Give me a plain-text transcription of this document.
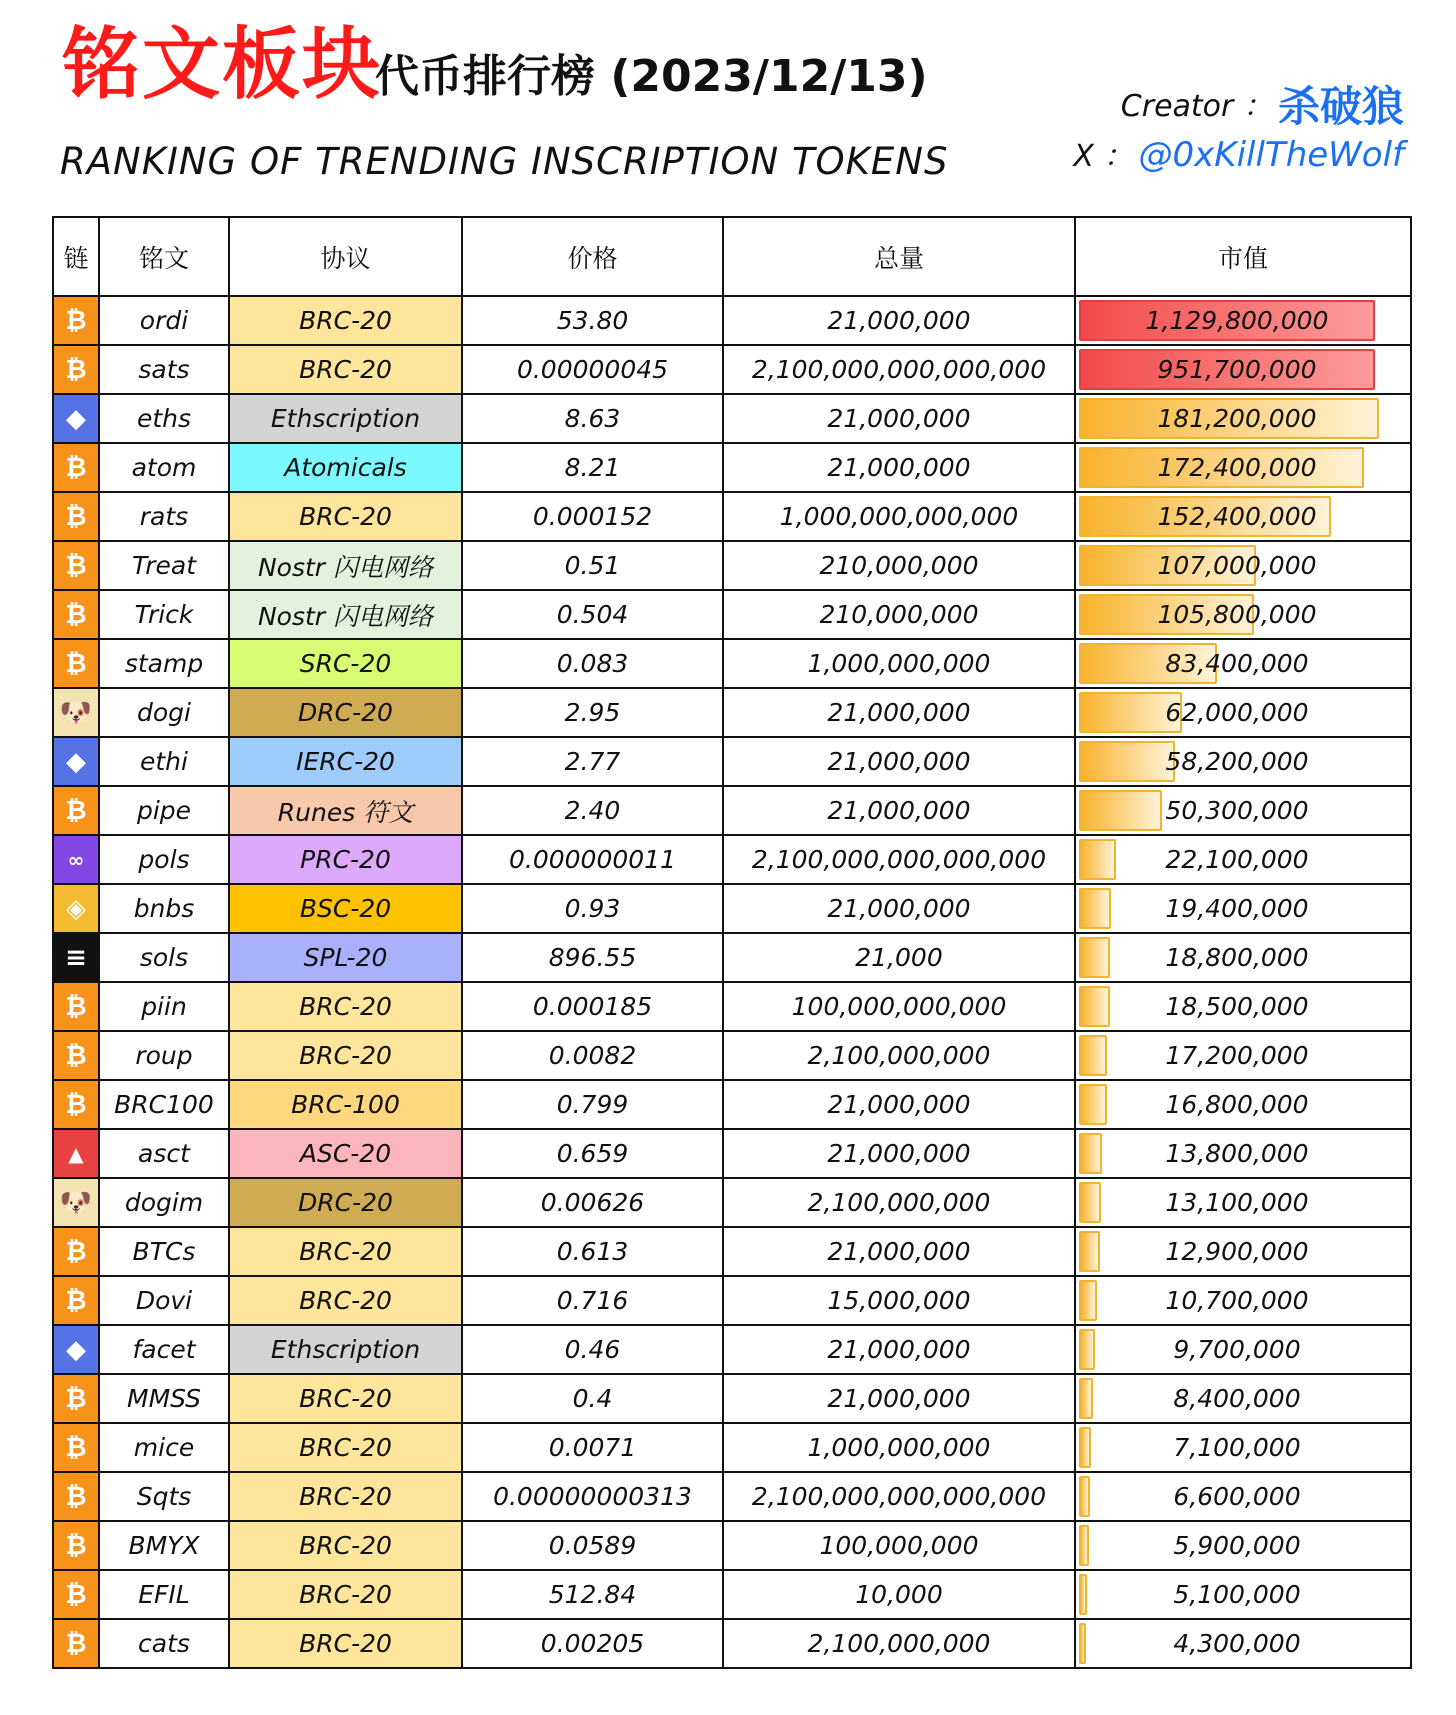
铭文板块
代币排行榜 (2023/12/13)
RANKING OF TRENDING INSCRIPTION TOKENS
Creator ： 杀破狼
X ： @0xKillTheWolf
链	铭文	协议	价格	总量	市值

₿	ordi	BRC-20	53.80	21,000,000	1,129,800,000

₿	sats	BRC-20	0.00000045	2,100,000,000,000,000	951,700,000

◆	eths	Ethscription	8.63	21,000,000	181,200,000

₿	atom	Atomicals	8.21	21,000,000	172,400,000

₿	rats	BRC-20	0.000152	1,000,000,000,000	152,400,000

₿	Treat	Nostr 闪电网络	0.51	210,000,000	107,000,000

₿	Trick	Nostr 闪电网络	0.504	210,000,000	105,800,000

₿	stamp	SRC-20	0.083	1,000,000,000	83,400,000

🐶	dogi	DRC-20	2.95	21,000,000	62,000,000

◆	ethi	IERC-20	2.77	21,000,000	58,200,000

₿	pipe	Runes 符文	2.40	21,000,000	50,300,000

∞	pols	PRC-20	0.000000011	2,100,000,000,000,000	22,100,000

◈	bnbs	BSC-20	0.93	21,000,000	19,400,000

≡	sols	SPL-20	896.55	21,000	18,800,000

₿	piin	BRC-20	0.000185	100,000,000,000	18,500,000

₿	roup	BRC-20	0.0082	2,100,000,000	17,200,000

₿	BRC100	BRC-100	0.799	21,000,000	16,800,000

▲	asct	ASC-20	0.659	21,000,000	13,800,000

🐶	dogim	DRC-20	0.00626	2,100,000,000	13,100,000

₿	BTCs	BRC-20	0.613	21,000,000	12,900,000

₿	Dovi	BRC-20	0.716	15,000,000	10,700,000

◆	facet	Ethscription	0.46	21,000,000	9,700,000

₿	MMSS	BRC-20	0.4	21,000,000	8,400,000

₿	mice	BRC-20	0.0071	1,000,000,000	7,100,000

₿	Sqts	BRC-20	0.00000000313	2,100,000,000,000,000	6,600,000

₿	BMYX	BRC-20	0.0589	100,000,000	5,900,000

₿	EFIL	BRC-20	512.84	10,000	5,100,000

₿	cats	BRC-20	0.00205	2,100,000,000	4,300,000
